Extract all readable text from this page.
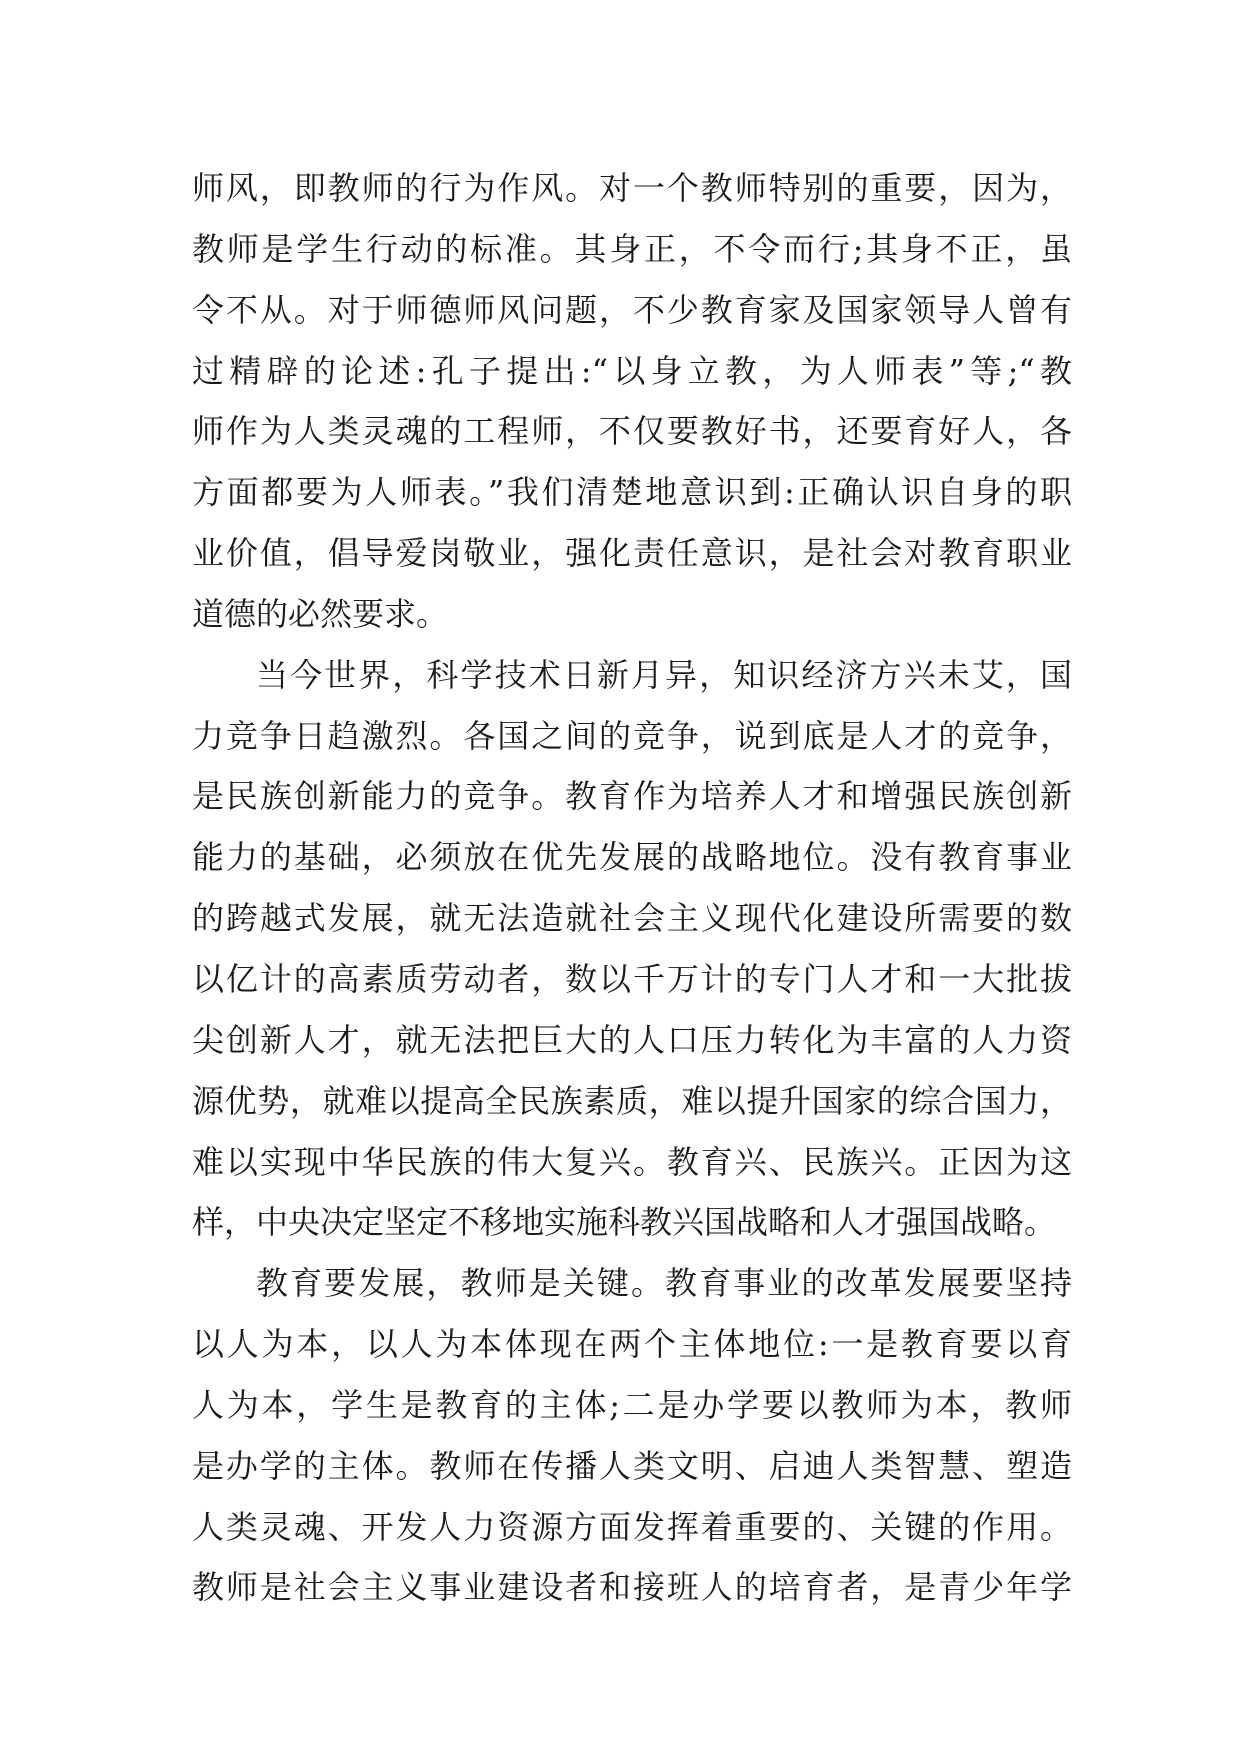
师风，即教师的行为作风。对一个教师特别的重要，因为，
教师是学生行动的标准。其身正，不令而行;其身不正，虽
令不从。对于师德师风问题，不少教育家及国家领导人曾有
过精辟的论述:孔子提出:“以身立教，为人师表”等;“教
师作为人类灵魂的工程师，不仅要教好书，还要育好人，各
方面都要为人师表。”我们清楚地意识到:正确认识自身的职
业价值，倡导爱岗敬业，强化责任意识，是社会对教育职业
道德的必然要求。
当今世界，科学技术日新月异，知识经济方兴未艾，国
力竞争日趋激烈。各国之间的竞争，说到底是人才的竞争，
是民族创新能力的竞争。教育作为培养人才和增强民族创新
能力的基础，必须放在优先发展的战略地位。没有教育事业
的跨越式发展，就无法造就社会主义现代化建设所需要的数
以亿计的高素质劳动者，数以千万计的专门人才和一大批拔
尖创新人才，就无法把巨大的人口压力转化为丰富的人力资
源优势，就难以提高全民族素质，难以提升国家的综合国力，
难以实现中华民族的伟大复兴。教育兴、民族兴。正因为这
样，中央决定坚定不移地实施科教兴国战略和人才强国战略。
教育要发展，教师是关键。教育事业的改革发展要坚持
以人为本，以人为本体现在两个主体地位:一是教育要以育
人为本，学生是教育的主体;二是办学要以教师为本，教师
是办学的主体。教师在传播人类文明、启迪人类智慧、塑造
人类灵魂、开发人力资源方面发挥着重要的、关键的作用。
教师是社会主义事业建设者和接班人的培育者，是青少年学
